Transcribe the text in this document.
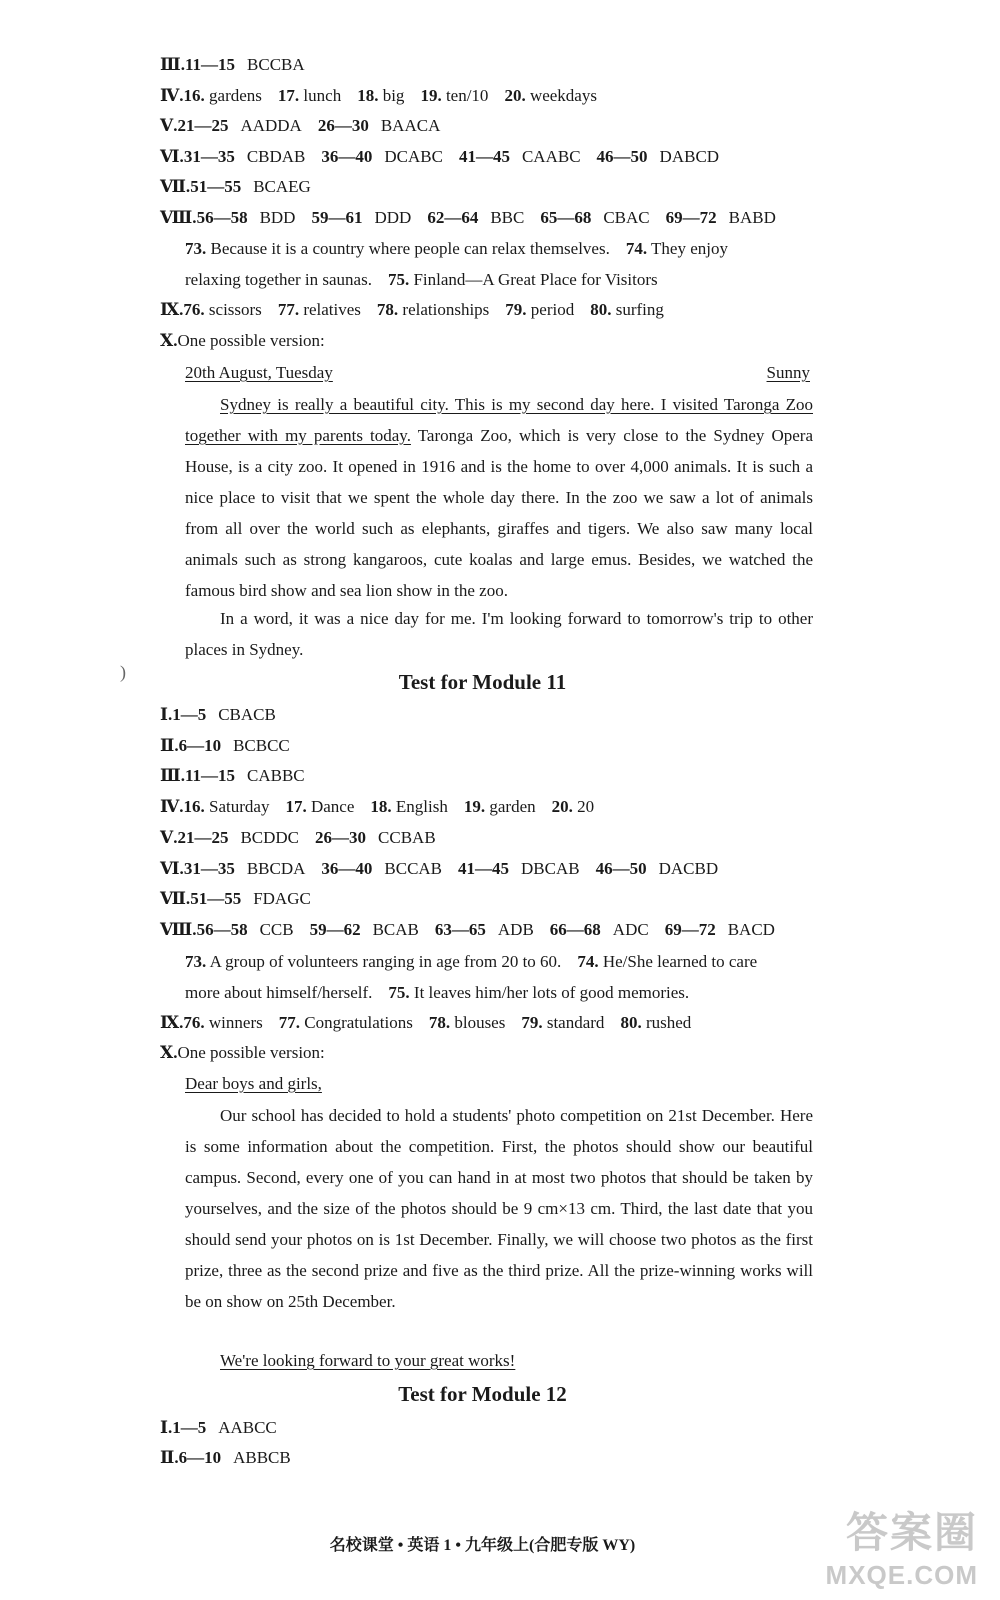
Ⅲ.11—15 BCCBA
Ⅳ.16. gardens 17. lunch 18. big 19. ten/10 20. weekdays
Ⅴ.21—25 AADDA 26—30 BAACA
Ⅵ.31—35 CBDAB 36—40 DCABC 41—45 CAABC 46—50 DABCD
Ⅶ.51—55 BCAEG
Ⅷ.56—58 BDD 59—61 DDD 62—64 BBC 65—68 CBAC 69—72 BABD
73. Because it is a country where people can relax themselves. 74. They enjoy
relaxing together in saunas. 75. Finland—A Great Place for Visitors
Ⅸ.76. scissors 77. relatives 78. relationships 79. period 80. surfing
Ⅹ.One possible version:
20th August, Tuesday	Sunny
Sydney is really a beautiful city. This is my second day here. I visited Taronga Zoo together with my parents today. Taronga Zoo, which is very close to the Sydney Opera House, is a city zoo. It opened in 1916 and is the home to over 4,000 animals. It is such a nice place to visit that we spent the whole day there. In the zoo we saw a lot of animals from all over the world such as elephants, giraffes and tigers. We also saw many local animals such as strong kangaroos, cute koalas and large emus. Besides, we watched the famous bird show and sea lion show in the zoo.
In a word, it was a nice day for me. I'm looking forward to tomorrow's trip to other places in Sydney.
)	Test for Module 11
Ⅰ.1—5 CBACB
Ⅱ.6—10 BCBCC
Ⅲ.11—15 CABBC
Ⅳ.16. Saturday 17. Dance 18. English 19. garden 20. 20
Ⅴ.21—25 BCDDC 26—30 CCBAB
Ⅵ.31—35 BBCDA 36—40 BCCAB 41—45 DBCAB 46—50 DACBD
Ⅶ.51—55 FDAGC
Ⅷ.56—58 CCB 59—62 BCAB 63—65 ADB 66—68 ADC 69—72 BACD
73. A group of volunteers ranging in age from 20 to 60. 74. He/She learned to care
more about himself/herself. 75. It leaves him/her lots of good memories.
Ⅸ.76. winners 77. Congratulations 78. blouses 79. standard 80. rushed
Ⅹ.One possible version:
Dear boys and girls,
Our school has decided to hold a students' photo competition on 21st December. Here is some information about the competition. First, the photos should show our beautiful campus. Second, every one of you can hand in at most two photos that should be taken by yourselves, and the size of the photos should be 9 cm×13 cm. Third, the last date that you should send your photos on is 1st December. Finally, we will choose two photos as the first prize, three as the second prize and five as the third prize. All the prize-winning works will be on show on 25th December.
We're looking forward to your great works!
Test for Module 12
Ⅰ.1—5 AABCC
Ⅱ.6—10 ABBCB
名校课堂 • 英语 1 • 九年级上(合肥专版 WY)	答案圈
MXQE.COM
